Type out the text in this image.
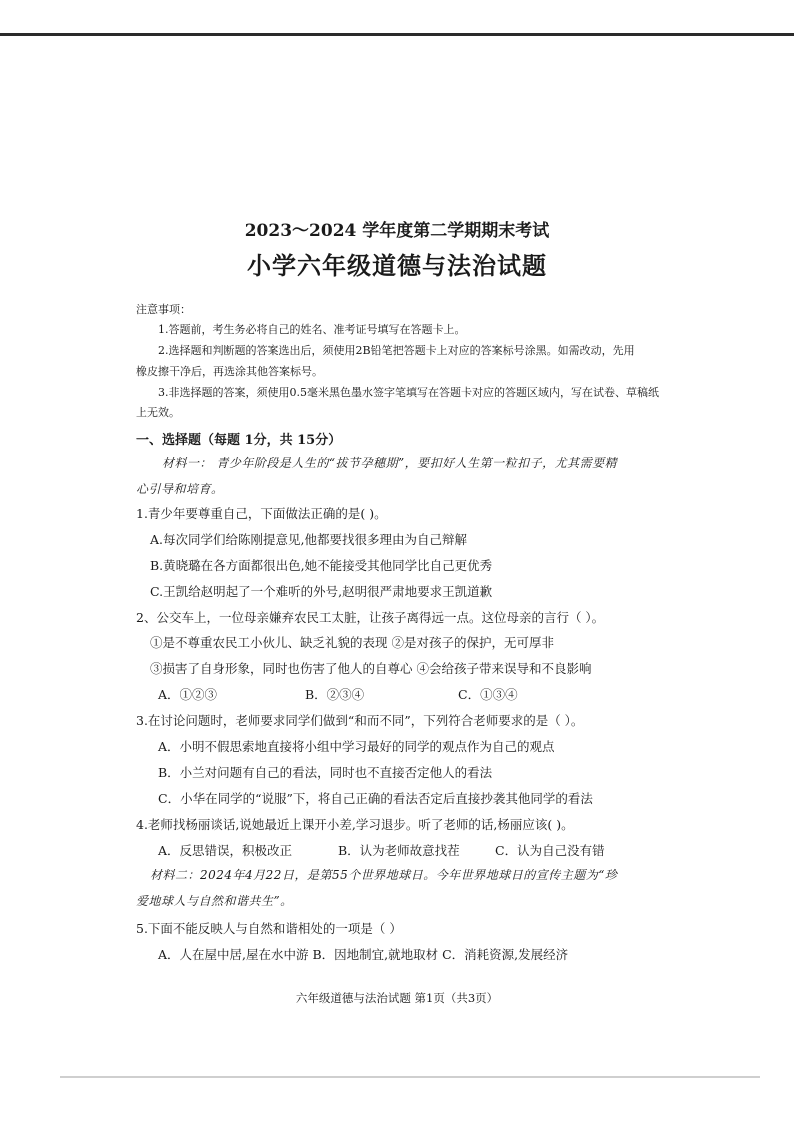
2023～2024 学年度第二学期期末考试
小学六年级道德与法治试题
注意事项：
1.答题前，考生务必将自己的姓名、准考证号填写在答题卡上。
2.选择题和判断题的答案选出后，须使用2B铅笔把答题卡上对应的答案标号涂黑。如需改动，先用
橡皮擦干净后，再选涂其他答案标号。
3.非选择题的答案，须使用0.5毫米黑色墨水签字笔填写在答题卡对应的答题区域内，写在试卷、草稿纸
上无效。
一、选择题（每题 1分，共 15分）
材料一： 青少年阶段是人生的“拔节孕穗期”，要扣好人生第一粒扣子，尤其需要精
心引导和培育。
1.青少年要尊重自己，下面做法正确的是( )。
A.每次同学们给陈刚提意见,他都要找很多理由为自己辩解
B.黄晓璐在各方面都很出色,她不能接受其他同学比自己更优秀
C.王凯给赵明起了一个难听的外号,赵明很严肃地要求王凯道歉
2、公交车上，一位母亲嫌弃农民工太脏，让孩子离得远一点。这位母亲的言行（ ）。
①是不尊重农民工小伙儿、缺乏礼貌的表现 ②是对孩子的保护，无可厚非
③损害了自身形象，同时也伤害了他人的自尊心 ④会给孩子带来误导和不良影响
A．①②③	B．②③④	C．①③④
3.在讨论问题时，老师要求同学们做到“和而不同”，下列符合老师要求的是（ ）。
A．小明不假思索地直接将小组中学习最好的同学的观点作为自己的观点
B．小兰对问题有自己的看法，同时也不直接否定他人的看法
C．小华在同学的“说服”下，将自己正确的看法否定后直接抄袭其他同学的看法
4.老师找杨丽谈话,说她最近上课开小差,学习退步。听了老师的话,杨丽应该( )。
A．反思错误，积极改正	B．认为老师故意找茬	C．认为自己没有错
材料二：2024年4月22日，是第55个世界地球日。今年世界地球日的宣传主题为“珍
爱地球人与自然和谐共生”。
5.下面不能反映人与自然和谐相处的一项是（ ）
A．人在屋中居,屋在水中游 B．因地制宜,就地取材 C．消耗资源,发展经济
六年级道德与法治试题 第1页（共3页）
